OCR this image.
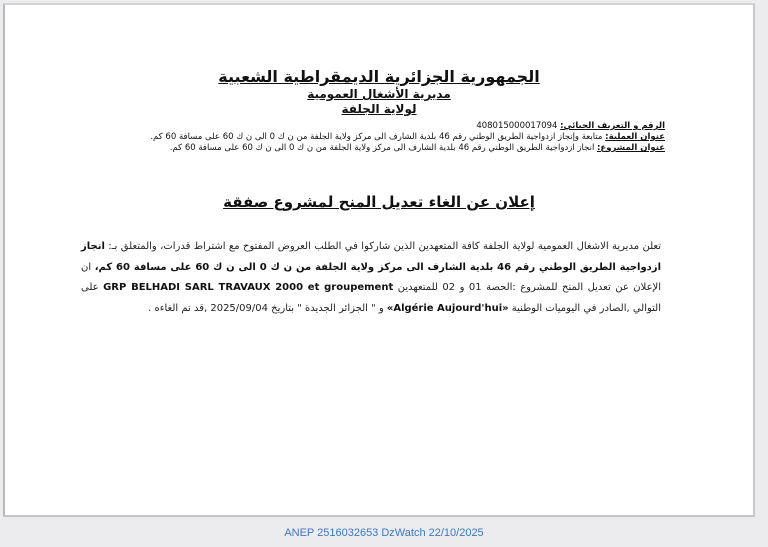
الجمهورية الجزائرية الديمقراطية الشعبية
مديرية الأشغال العمومية
لولاية الجلفة
الرقم و التعريف الجبائي: 408015000017094
عنوان العملية: متابعة وإنجاز ازدواجية الطريق الوطني رقم 46 بلدية الشارف الى مركز ولاية الجلفة من ن ك 0 الى ن ك 60 على مسافة 60 كم.
عنوان المشروع: انجاز ازدواجية الطريق الوطني رقم 46 بلدية الشارف الى مركز ولاية الجلفة من ن ك 0 الى ن ك 60 على مسافة 60 كم.
إعلان عن الغاء تعديل المنح لمشروع صفقة
تعلن مديرية الاشغال العمومية لولاية الجلفة كافة المتعهدين الذين شاركوا في الطلب العروض المفتوح مع اشتراط قدرات، والمتعلق بـ: انجاز ازدواجية الطريق الوطني رقم 46 بلدية الشارف الى مركز ولاية الجلفة من ن ك 0 الى ن ك 60 على مسافة 60 كم، ان الإعلان عن تعديل المنح للمشروع :الحصة 01 و 02 للمتعهدين GRP BELHADI SARL TRAVAUX 2000 et groupement على التوالي ,الصادر في اليوميات الوطنية «Algérie Aujourd'hui» و " الجزائر الجديدة " بتاريخ 2025/09/04 ,قد تم الغاءه .
ANEP 2516032653 DzWatch 22/10/2025
